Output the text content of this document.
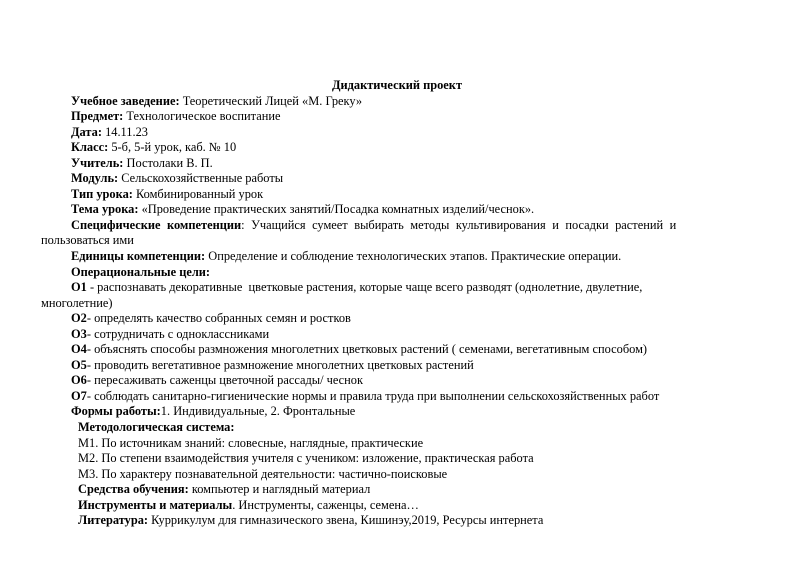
Дидактический проект
Учебное заведение: Теоретический Лицей «М. Греку»
Предмет: Технологическое воспитание
Дата: 14.11.23
Класс: 5-б, 5-й урок, каб. № 10
Учитель: Постолаки В. П.
Модуль: Сельскохозяйственные работы
Тип урока: Комбинированный урок
Тема урока: «Проведение практических занятий/Посадка комнатных изделий/чеснок».
Специфические компетенции: Учащийся сумеет выбирать методы культивирования и посадки растений и
пользоваться ими
Единицы компетенции: Определение и соблюдение технологических этапов. Практические операции.
Операциональные цели:
О1 - распознавать декоративные  цветковые растения, которые чаще всего разводят (однолетние, двулетние,
многолетние)
О2- определять качество собранных семян и ростков
О3- сотрудничать с одноклассниками
О4- объяснять способы размножения многолетних цветковых растений ( семенами, вегетативным способом)
О5- проводить вегетативное размножение многолетних цветковых растений
О6- пересаживать саженцы цветочной рассады/ чеснок
О7- соблюдать санитарно-гигиенические нормы и правила труда при выполнении сельскохозяйственных работ
Формы работы:1. Индивидуальные, 2. Фронтальные
Методологическая система:
М1. По источникам знаний: словесные, наглядные, практические
М2. По степени взаимодействия учителя с учеником: изложение, практическая работа
М3. По характеру познавательной деятельности: частично-поисковые
Средства обучения: компьютер и наглядный материал
Инструменты и материалы. Инструменты, саженцы, семена…
Литература: Куррикулум для гимназического звена, Кишинэу,2019, Ресурсы интернета
